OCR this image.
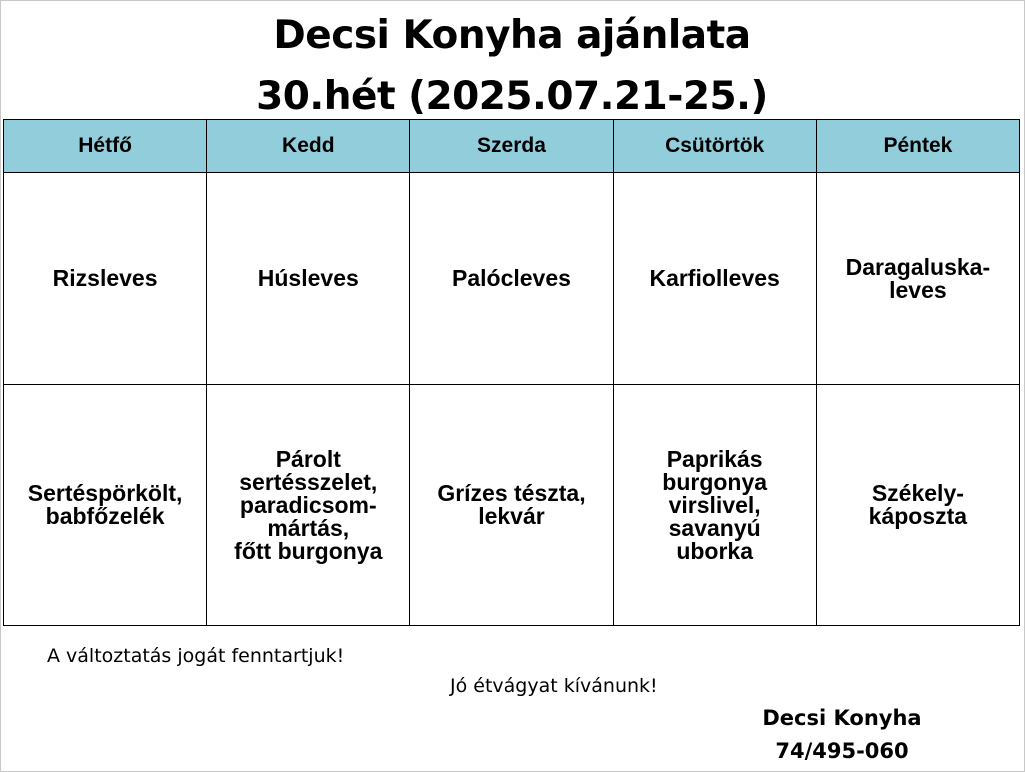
Decsi Konyha ajánlata
30.hét (2025.07.21-25.)
Hétfő	Kedd	Szerda	Csütörtök	Péntek

Rizsleves	Húsleves	Palócleves	Karfiolleves	Daragaluska-
leves

Sertéspörkölt,
babfőzelék	Párolt
sertésszelet,
paradicsom-
mártás,
főtt burgonya	Grízes tészta,
lekvár	Paprikás
burgonya
virslivel,
savanyú
uborka	Székely-
káposzta
A változtatás jogát fenntartjuk!
Jó étvágyat kívánunk!
Decsi Konyha
74/495-060
